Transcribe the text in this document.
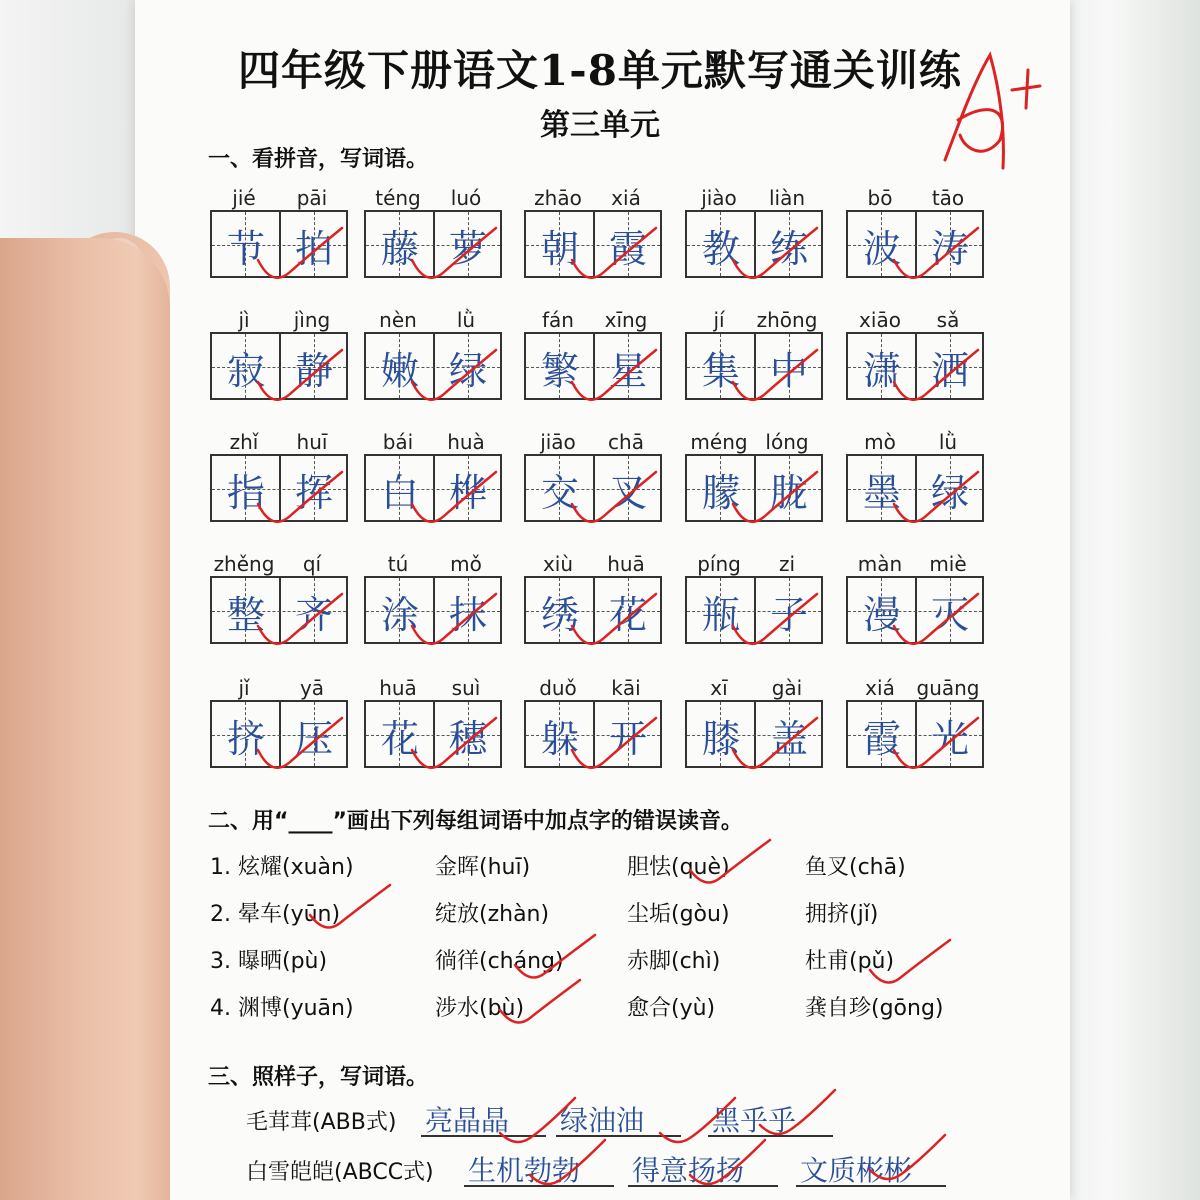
四年级下册语文1-8单元默写通关训练
第三单元
一、看拼音，写词语。
jié	pāi
节 拍
téng	luó
藤 萝
zhāo	xiá
朝 霞
jiào	liàn
教 练
bō	tāo
波 涛
jì	jìng
寂 静
nèn	lǜ
嫩 绿
fán	xīng
繁 星
jí	zhōng
集 中
xiāo	sǎ
潇 洒
zhǐ	huī
指 挥
bái	huà
白 桦
jiāo	chā
交 叉
méng lóng
朦 胧
mò	lǜ
墨 绿
zhěng	qí
整 齐
tú	mǒ
涂 抹
xiù	huā
绣 花
píng	zi
瓶 子
màn	miè
漫 灭
jǐ	yā
挤 压
huā	suì
花 穗
duǒ	kāi
躲 开
xī	gài
膝 盖
xiá	guāng
霞 光
二、用“____”画出下列每组词语中加点字的错误读音。
1. 炫耀(xuàn)	金晖(huī)	胆怯(què)	鱼叉(chā)
2. 晕车(yūn)	绽放(zhàn)	尘垢(gòu)	拥挤(jǐ)
3. 曝晒(pù)	徜徉(cháng)	赤脚(chì)	杜甫(pǔ)
4. 渊博(yuān)	涉水(bù)	愈合(yù)	龚自珍(gōng)
三、照样子，写词语。
毛茸茸(ABB式) 亮晶晶 绿油油 黑乎乎
白雪皑皑(ABCC式) 生机勃勃 得意扬扬 文质彬彬
